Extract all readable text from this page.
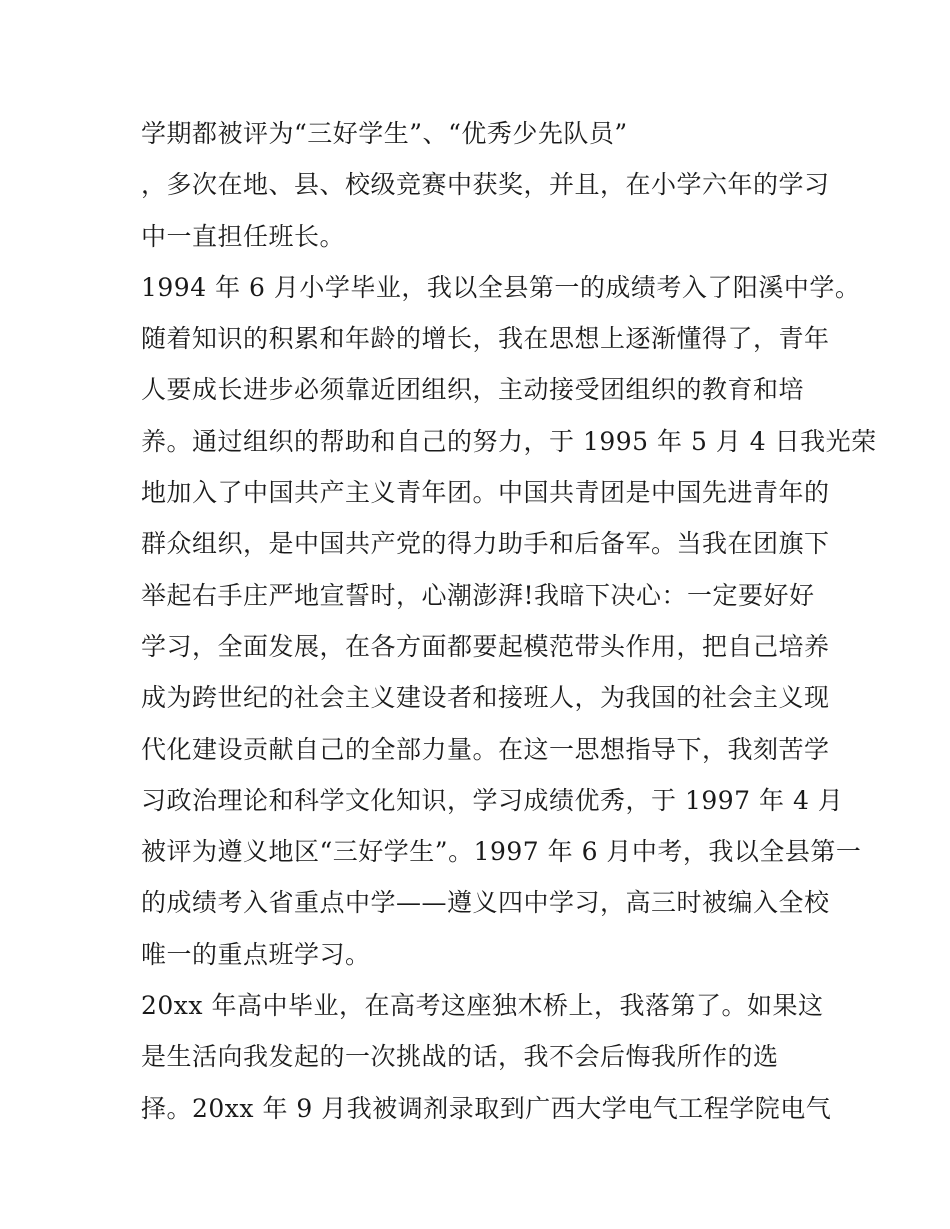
学期都被评为“三好学生”、“优秀少先队员”
，多次在地、县、校级竞赛中获奖，并且，在小学六年的学习
中一直担任班长。
1994 年 6 月小学毕业，我以全县第一的成绩考入了阳溪中学。
随着知识的积累和年龄的增长，我在思想上逐渐懂得了，青年
人要成长进步必须靠近团组织，主动接受团组织的教育和培
养。通过组织的帮助和自己的努力，于 1995 年 5 月 4 日我光荣
地加入了中国共产主义青年团。中国共青团是中国先进青年的
群众组织，是中国共产党的得力助手和后备军。当我在团旗下
举起右手庄严地宣誓时，心潮澎湃!我暗下决心：一定要好好
学习，全面发展，在各方面都要起模范带头作用，把自己培养
成为跨世纪的社会主义建设者和接班人，为我国的社会主义现
代化建设贡献自己的全部力量。在这一思想指导下，我刻苦学
习政治理论和科学文化知识，学习成绩优秀，于 1997 年 4 月
被评为遵义地区“三好学生”。1997 年 6 月中考，我以全县第一
的成绩考入省重点中学——遵义四中学习，高三时被编入全校
唯一的重点班学习。
20xx 年高中毕业，在高考这座独木桥上，我落第了。如果这
是生活向我发起的一次挑战的话，我不会后悔我所作的选
择。20xx 年 9 月我被调剂录取到广西大学电气工程学院电气
